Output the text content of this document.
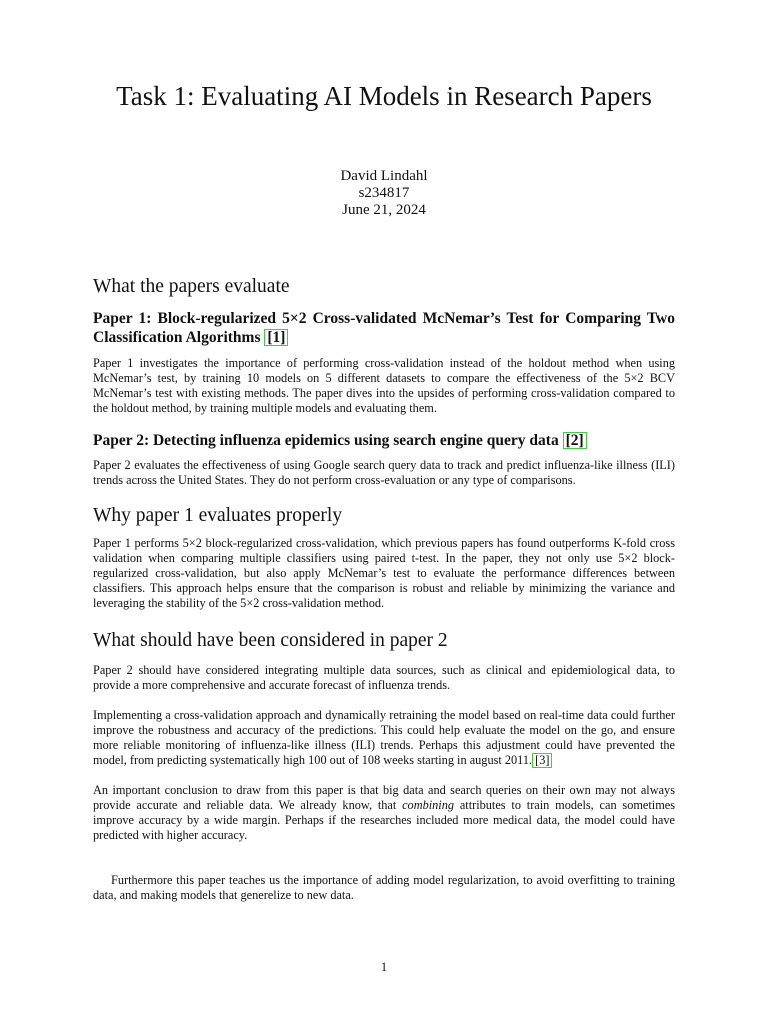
Task 1: Evaluating AI Models in Research Papers
David Lindahl
s234817
June 21, 2024
What the papers evaluate
Paper 1: Block-regularized 5×2 Cross-validated McNemar’s Test for Comparing Two Classification Algorithms [1]

Paper 1 investigates the importance of performing cross-validation instead of the holdout method when using McNemar’s test, by training 10 models on 5 different datasets to compare the effectiveness of the 5×2 BCV McNemar’s test with existing methods. The paper dives into the upsides of performing cross-validation compared to the holdout method, by training multiple models and evaluating them.

Paper 2: Detecting influenza epidemics using search engine query data [2]

Paper 2 evaluates the effectiveness of using Google search query data to track and predict influenza-like illness (ILI) trends across the United States. They do not perform cross-evaluation or any type of comparisons.

Why paper 1 evaluates properly

Paper 1 performs 5×2 block-regularized cross-validation, which previous papers has found outperforms K-fold cross validation when comparing multiple classifiers using paired t-test. In the paper, they not only use 5×2 block-regularized cross-validation, but also apply McNemar’s test to evaluate the performance differences between classifiers. This approach helps ensure that the comparison is robust and reliable by minimizing the variance and leveraging the stability of the 5×2 cross-validation method.

What should have been considered in paper 2

Paper 2 should have considered integrating multiple data sources, such as clinical and epidemiological data, to provide a more comprehensive and accurate forecast of influenza trends.

Implementing a cross-validation approach and dynamically retraining the model based on real-time data could further improve the robustness and accuracy of the predictions. This could help evaluate the model on the go, and ensure more reliable monitoring of influenza-like illness (ILI) trends. Perhaps this adjustment could have prevented the model, from predicting systematically high 100 out of 108 weeks starting in august 2011. [3]

An important conclusion to draw from this paper is that big data and search queries on their own may not always provide accurate and reliable data. We already know, that combining attributes to train models, can sometimes improve accuracy by a wide margin. Perhaps if the researches included more medical data, the model could have predicted with higher accuracy.

Furthermore this paper teaches us the importance of adding model regularization, to avoid overfitting to training data, and making models that generelize to new data.

1
